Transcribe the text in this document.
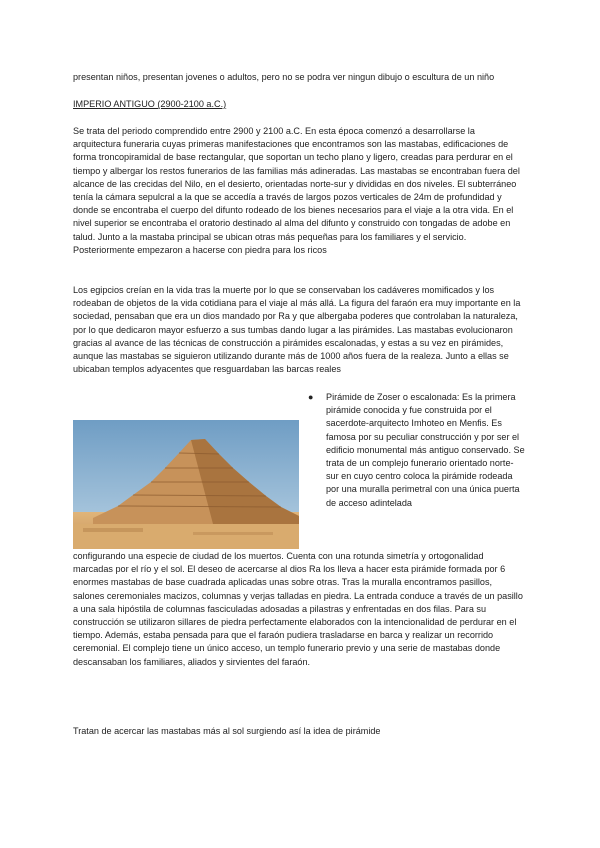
presentan niños, presentan jovenes o adultos, pero no se podra ver ningun dibujo o escultura de un niño

IMPERIO ANTIGUO (2900-2100 a.C.)

Se trata del periodo comprendido entre 2900 y 2100 a.C. En esta época comenzó a desarrollarse la arquitectura funeraria cuyas primeras manifestaciones que encontramos son las mastabas, edificaciones de forma troncopiramidal de base rectangular, que soportan un techo plano y ligero, creadas para perdurar en el tiempo y albergar los restos funerarios de las familias más adineradas. Las mastabas se encontraban fuera del alcance de las crecidas del Nilo, en el desierto, orientadas norte-sur y divididas en dos niveles. El subterráneo tenía la cámara sepulcral a la que se accedía a través de largos pozos verticales de 24m de profundidad y donde se encontraba el cuerpo del difunto rodeado de los bienes necesarios para el viaje a la otra vida. En el nivel superior se encontraba el oratorio destinado al alma del difunto y construido con tongadas de adobe en talud. Junto a la mastaba principal se ubican otras más pequeñas para los familiares y el servicio. Posteriormente empezaron a hacerse con piedra para los ricos

Los egipcios creían en la vida tras la muerte por lo que se conservaban los cadáveres momificados y los rodeaban de objetos de la vida cotidiana para el viaje al más allá. La figura del faraón era muy importante en la sociedad, pensaban que era un dios mandado por Ra y que albergaba poderes que controlaban la naturaleza, por lo que dedicaron mayor esfuerzo a sus tumbas dando lugar a las pirámides. Las mastabas evolucionaron gracias al avance de las técnicas de construcción a pirámides escalonadas, y estas a su vez en pirámides, aunque las mastabas se siguieron utilizando durante más de 1000 años fuera de la realeza. Junto a ellas se ubicaban templos adyacentes que resguardaban las barcas reales

● Pirámide de Zoser o escalonada: Es la primera pirámide conocida y fue construida por el sacerdote-arquitecto Imhoteo en Menfis. Es famosa por su peculiar construcción y por ser el edificio monumental más antiguo conservado. Se trata de un complejo funerario orientado norte-sur en cuyo centro coloca la pirámide rodeada por una muralla perimetral con una única puerta de acceso adintelada

configurando una especie de ciudad de los muertos. Cuenta con una rotunda simetría y ortogonalidad marcadas por el río y el sol. El deseo de acercarse al dios Ra los lleva a hacer esta pirámide formada por 6 enormes mastabas de base cuadrada aplicadas unas sobre otras. Tras la muralla encontramos pasillos, salones ceremoniales macizos, columnas y verjas talladas en piedra. La entrada conduce a través de un pasillo a una sala hipóstila de columnas fasciculadas adosadas a pilastras y enfrentadas en dos filas. Para su construcción se utilizaron sillares de piedra perfectamente elaborados con la intencionalidad de perdurar en el tiempo. Además, estaba pensada para que el faraón pudiera trasladarse en barca y realizar un recorrido ceremonial. El complejo tiene un único acceso, un templo funerario previo y una serie de mastabas donde descansaban los familiares, aliados y sirvientes del faraón.

Tratan de acercar las mastabas más al sol surgiendo así la idea de pirámide
